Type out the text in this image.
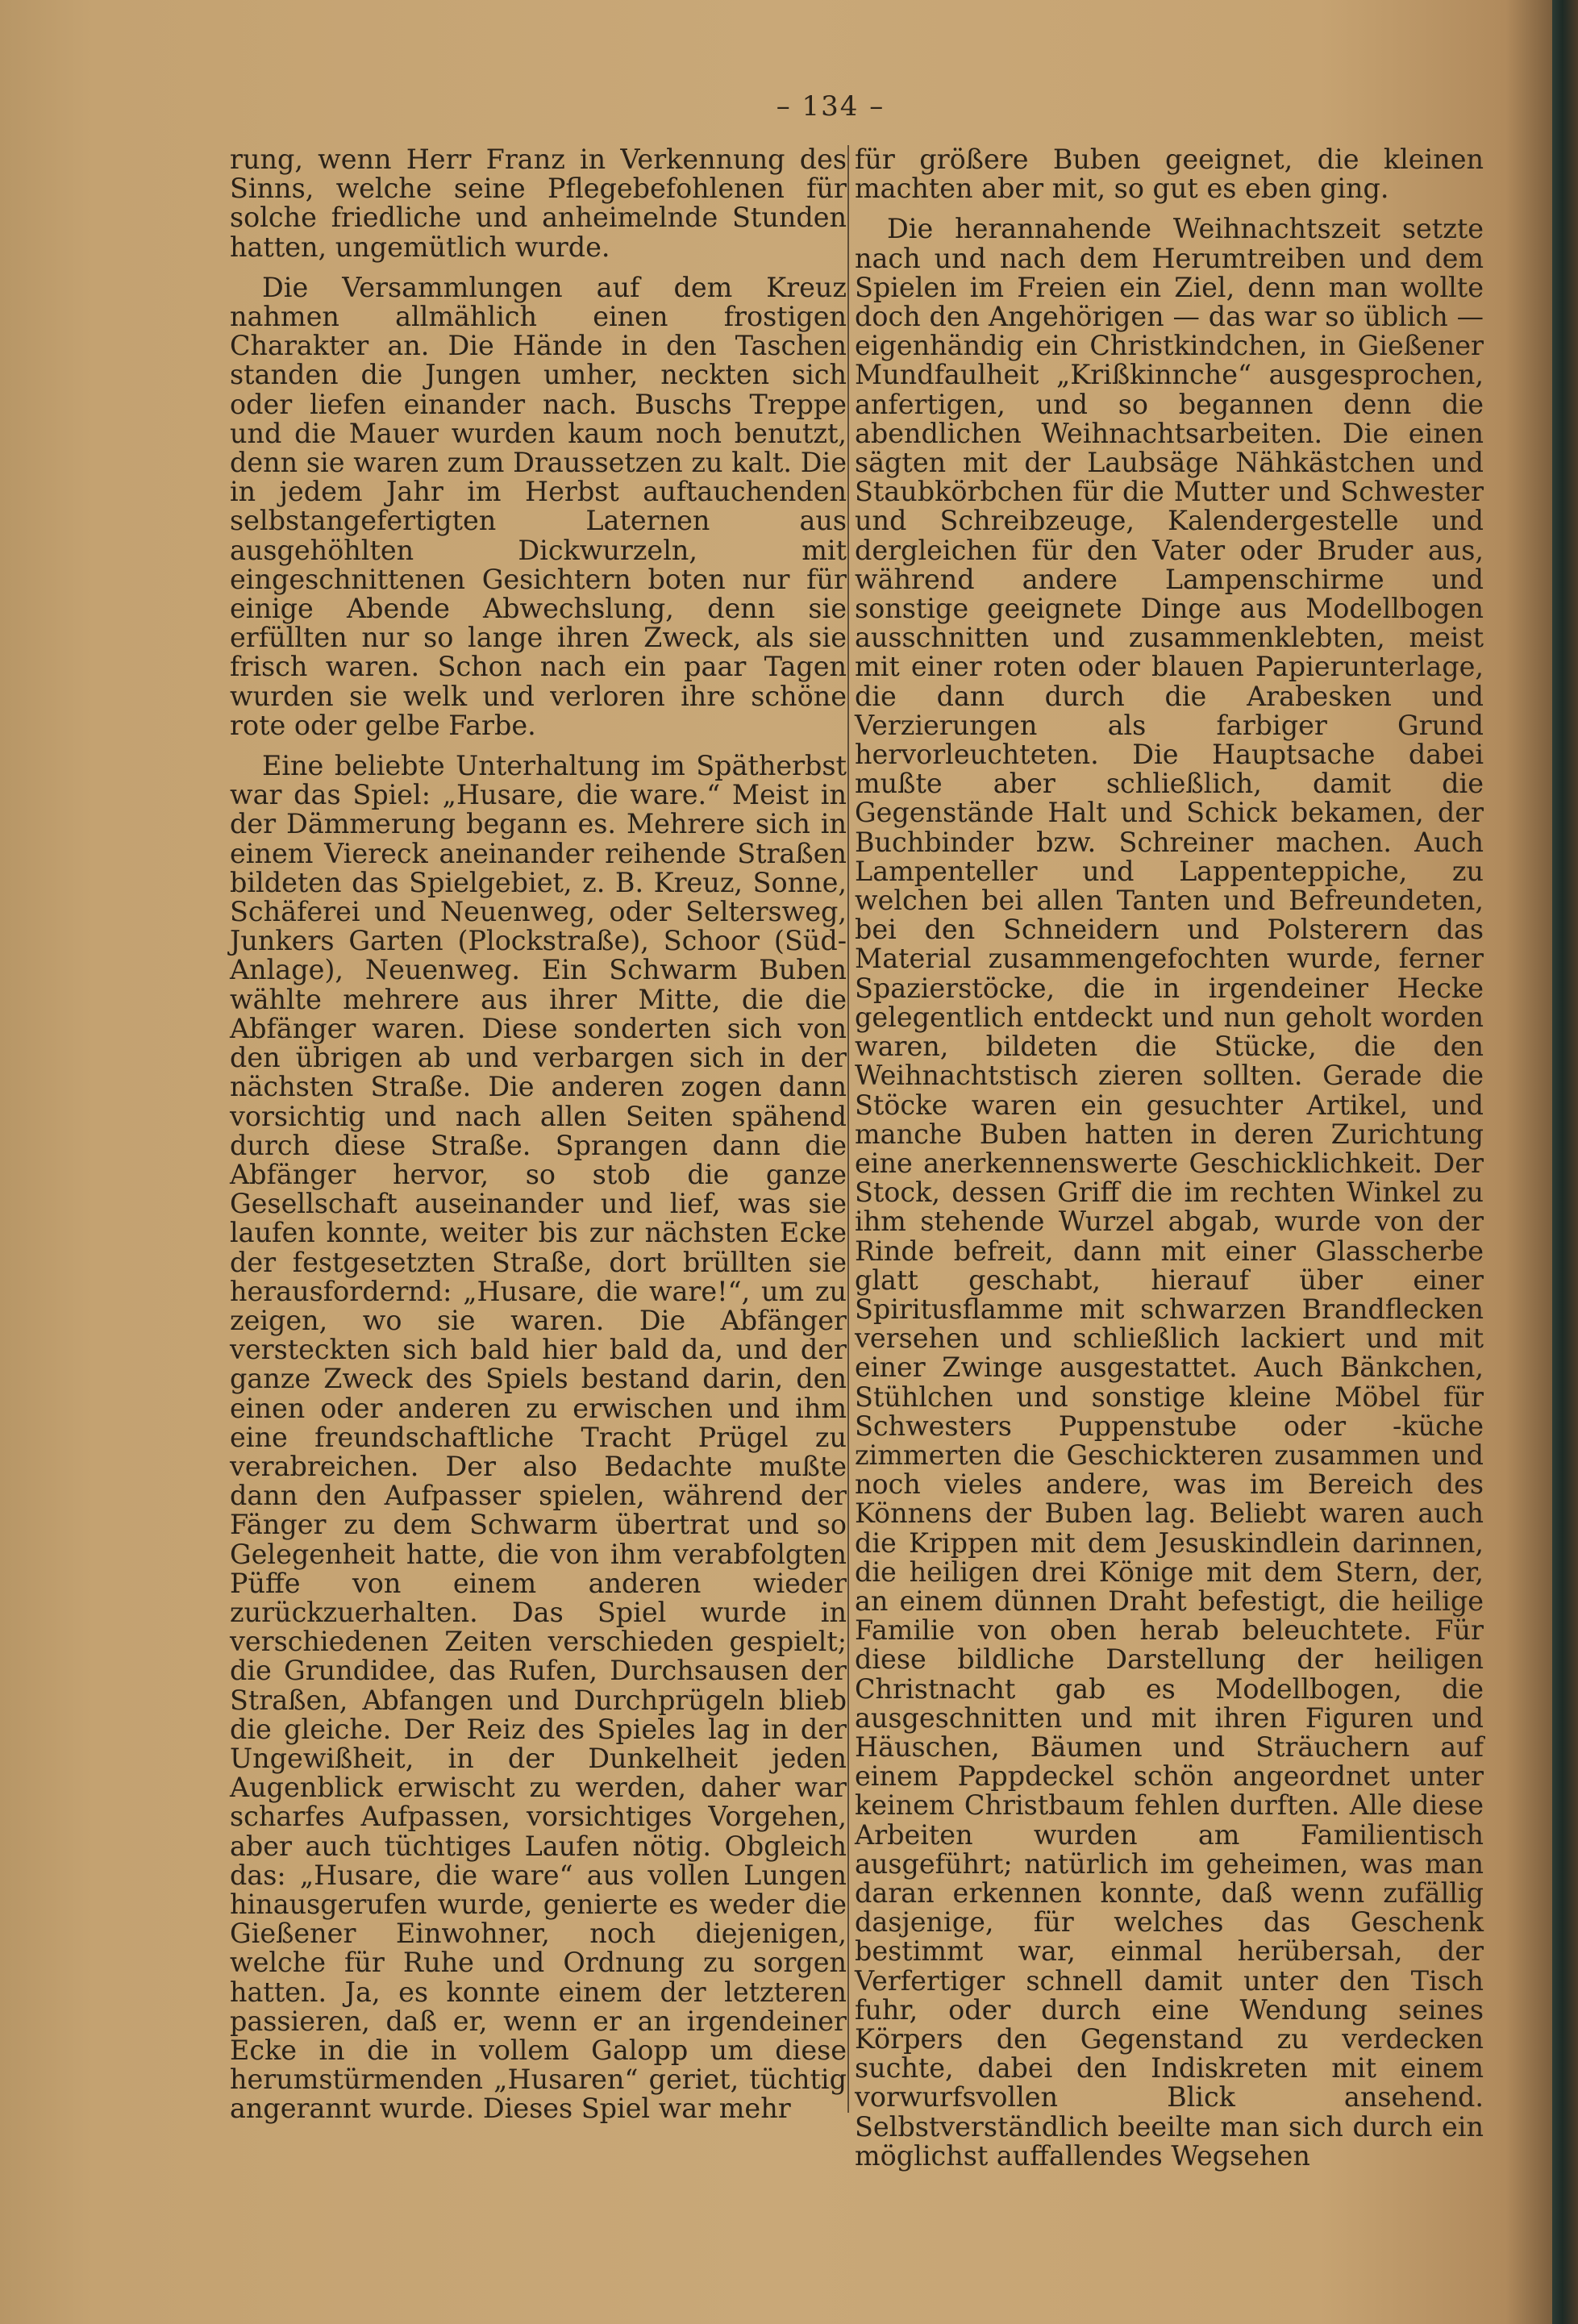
– 134 –

rung, wenn Herr Franz in Verkennung des Sinns, welche seine Pflegebefohlenen für solche friedliche und anheimelnde Stunden hatten, ungemütlich wurde.

Die Versammlungen auf dem Kreuz nahmen allmählich einen frostigen Charakter an. Die Hände in den Taschen standen die Jungen umher, neckten sich oder liefen einander nach. Buschs Treppe und die Mauer wurden kaum noch benutzt, denn sie waren zum Draussetzen zu kalt. Die in jedem Jahr im Herbst auftauchenden selbstangefertigten Laternen aus ausgehöhlten Dickwurzeln, mit eingeschnittenen Gesichtern boten nur für einige Abende Abwechslung, denn sie erfüllten nur so lange ihren Zweck, als sie frisch waren. Schon nach ein paar Tagen wurden sie welk und verloren ihre schöne rote oder gelbe Farbe.

Eine beliebte Unterhaltung im Spätherbst war das Spiel: „Husare, die ware.“ Meist in der Dämmerung begann es. Mehrere sich in einem Viereck aneinander reihende Straßen bildeten das Spielgebiet, z. B. Kreuz, Sonne, Schäferei und Neuenweg, oder Seltersweg, Junkers Garten (Plockstraße), Schoor (Süd-Anlage), Neuenweg. Ein Schwarm Buben wählte mehrere aus ihrer Mitte, die die Abfänger waren. Diese sonderten sich von den übrigen ab und verbargen sich in der nächsten Straße. Die anderen zogen dann vorsichtig und nach allen Seiten spähend durch diese Straße. Sprangen dann die Abfänger hervor, so stob die ganze Gesellschaft auseinander und lief, was sie laufen konnte, weiter bis zur nächsten Ecke der festgesetzten Straße, dort brüllten sie herausfordernd: „Husare, die ware!“, um zu zeigen, wo sie waren. Die Abfänger versteckten sich bald hier bald da, und der ganze Zweck des Spiels bestand darin, den einen oder anderen zu erwischen und ihm eine freundschaftliche Tracht Prügel zu verabreichen. Der also Bedachte mußte dann den Aufpasser spielen, während der Fänger zu dem Schwarm übertrat und so Gelegenheit hatte, die von ihm verabfolgten Püffe von einem anderen wieder zurückzuerhalten. Das Spiel wurde in verschiedenen Zeiten verschieden gespielt; die Grundidee, das Rufen, Durchsausen der Straßen, Abfangen und Durchprügeln blieb die gleiche. Der Reiz des Spieles lag in der Ungewißheit, in der Dunkelheit jeden Augenblick erwischt zu werden, daher war scharfes Aufpassen, vorsichtiges Vorgehen, aber auch tüchtiges Laufen nötig. Obgleich das: „Husare, die ware“ aus vollen Lungen hinausgerufen wurde, genierte es weder die Gießener Einwohner, noch diejenigen, welche für Ruhe und Ordnung zu sorgen hatten. Ja, es konnte einem der letzteren passieren, daß er, wenn er an irgendeiner Ecke in die in vollem Galopp um diese herumstürmenden „Husaren“ geriet, tüchtig angerannt wurde. Dieses Spiel war mehr

für größere Buben geeignet, die kleinen machten aber mit, so gut es eben ging.

Die herannahende Weihnachtszeit setzte nach und nach dem Herumtreiben und dem Spielen im Freien ein Ziel, denn man wollte doch den Angehörigen — das war so üblich — eigenhändig ein Christkindchen, in Gießener Mundfaulheit „Krißkinnche“ ausgesprochen, anfertigen, und so begannen denn die abendlichen Weihnachtsarbeiten. Die einen sägten mit der Laubsäge Nähkästchen und Staubkörbchen für die Mutter und Schwester und Schreibzeuge, Kalendergestelle und dergleichen für den Vater oder Bruder aus, während andere Lampenschirme und sonstige geeignete Dinge aus Modellbogen ausschnitten und zusammenklebten, meist mit einer roten oder blauen Papierunterlage, die dann durch die Arabesken und Verzierungen als farbiger Grund hervorleuchteten. Die Hauptsache dabei mußte aber schließlich, damit die Gegenstände Halt und Schick bekamen, der Buchbinder bzw. Schreiner machen. Auch Lampenteller und Lappenteppiche, zu welchen bei allen Tanten und Befreundeten, bei den Schneidern und Polsterern das Material zusammengefochten wurde, ferner Spazierstöcke, die in irgendeiner Hecke gelegentlich entdeckt und nun geholt worden waren, bildeten die Stücke, die den Weihnachtstisch zieren sollten. Gerade die Stöcke waren ein gesuchter Artikel, und manche Buben hatten in deren Zurichtung eine anerkennenswerte Geschicklichkeit. Der Stock, dessen Griff die im rechten Winkel zu ihm stehende Wurzel abgab, wurde von der Rinde befreit, dann mit einer Glasscherbe glatt geschabt, hierauf über einer Spiritusflamme mit schwarzen Brandflecken versehen und schließlich lackiert und mit einer Zwinge ausgestattet. Auch Bänkchen, Stühlchen und sonstige kleine Möbel für Schwesters Puppenstube oder -küche zimmerten die Geschickteren zusammen und noch vieles andere, was im Bereich des Könnens der Buben lag. Beliebt waren auch die Krippen mit dem Jesuskindlein darinnen, die heiligen drei Könige mit dem Stern, der, an einem dünnen Draht befestigt, die heilige Familie von oben herab beleuchtete. Für diese bildliche Darstellung der heiligen Christnacht gab es Modellbogen, die ausgeschnitten und mit ihren Figuren und Häuschen, Bäumen und Sträuchern auf einem Pappdeckel schön angeordnet unter keinem Christbaum fehlen durften. Alle diese Arbeiten wurden am Familientisch ausgeführt; natürlich im geheimen, was man daran erkennen konnte, daß wenn zufällig dasjenige, für welches das Geschenk bestimmt war, einmal herübersah, der Verfertiger schnell damit unter den Tisch fuhr, oder durch eine Wendung seines Körpers den Gegenstand zu verdecken suchte, dabei den Indiskreten mit einem vorwurfsvollen Blick ansehend. Selbstverständlich beeilte man sich durch ein möglichst auffallendes Wegsehen
